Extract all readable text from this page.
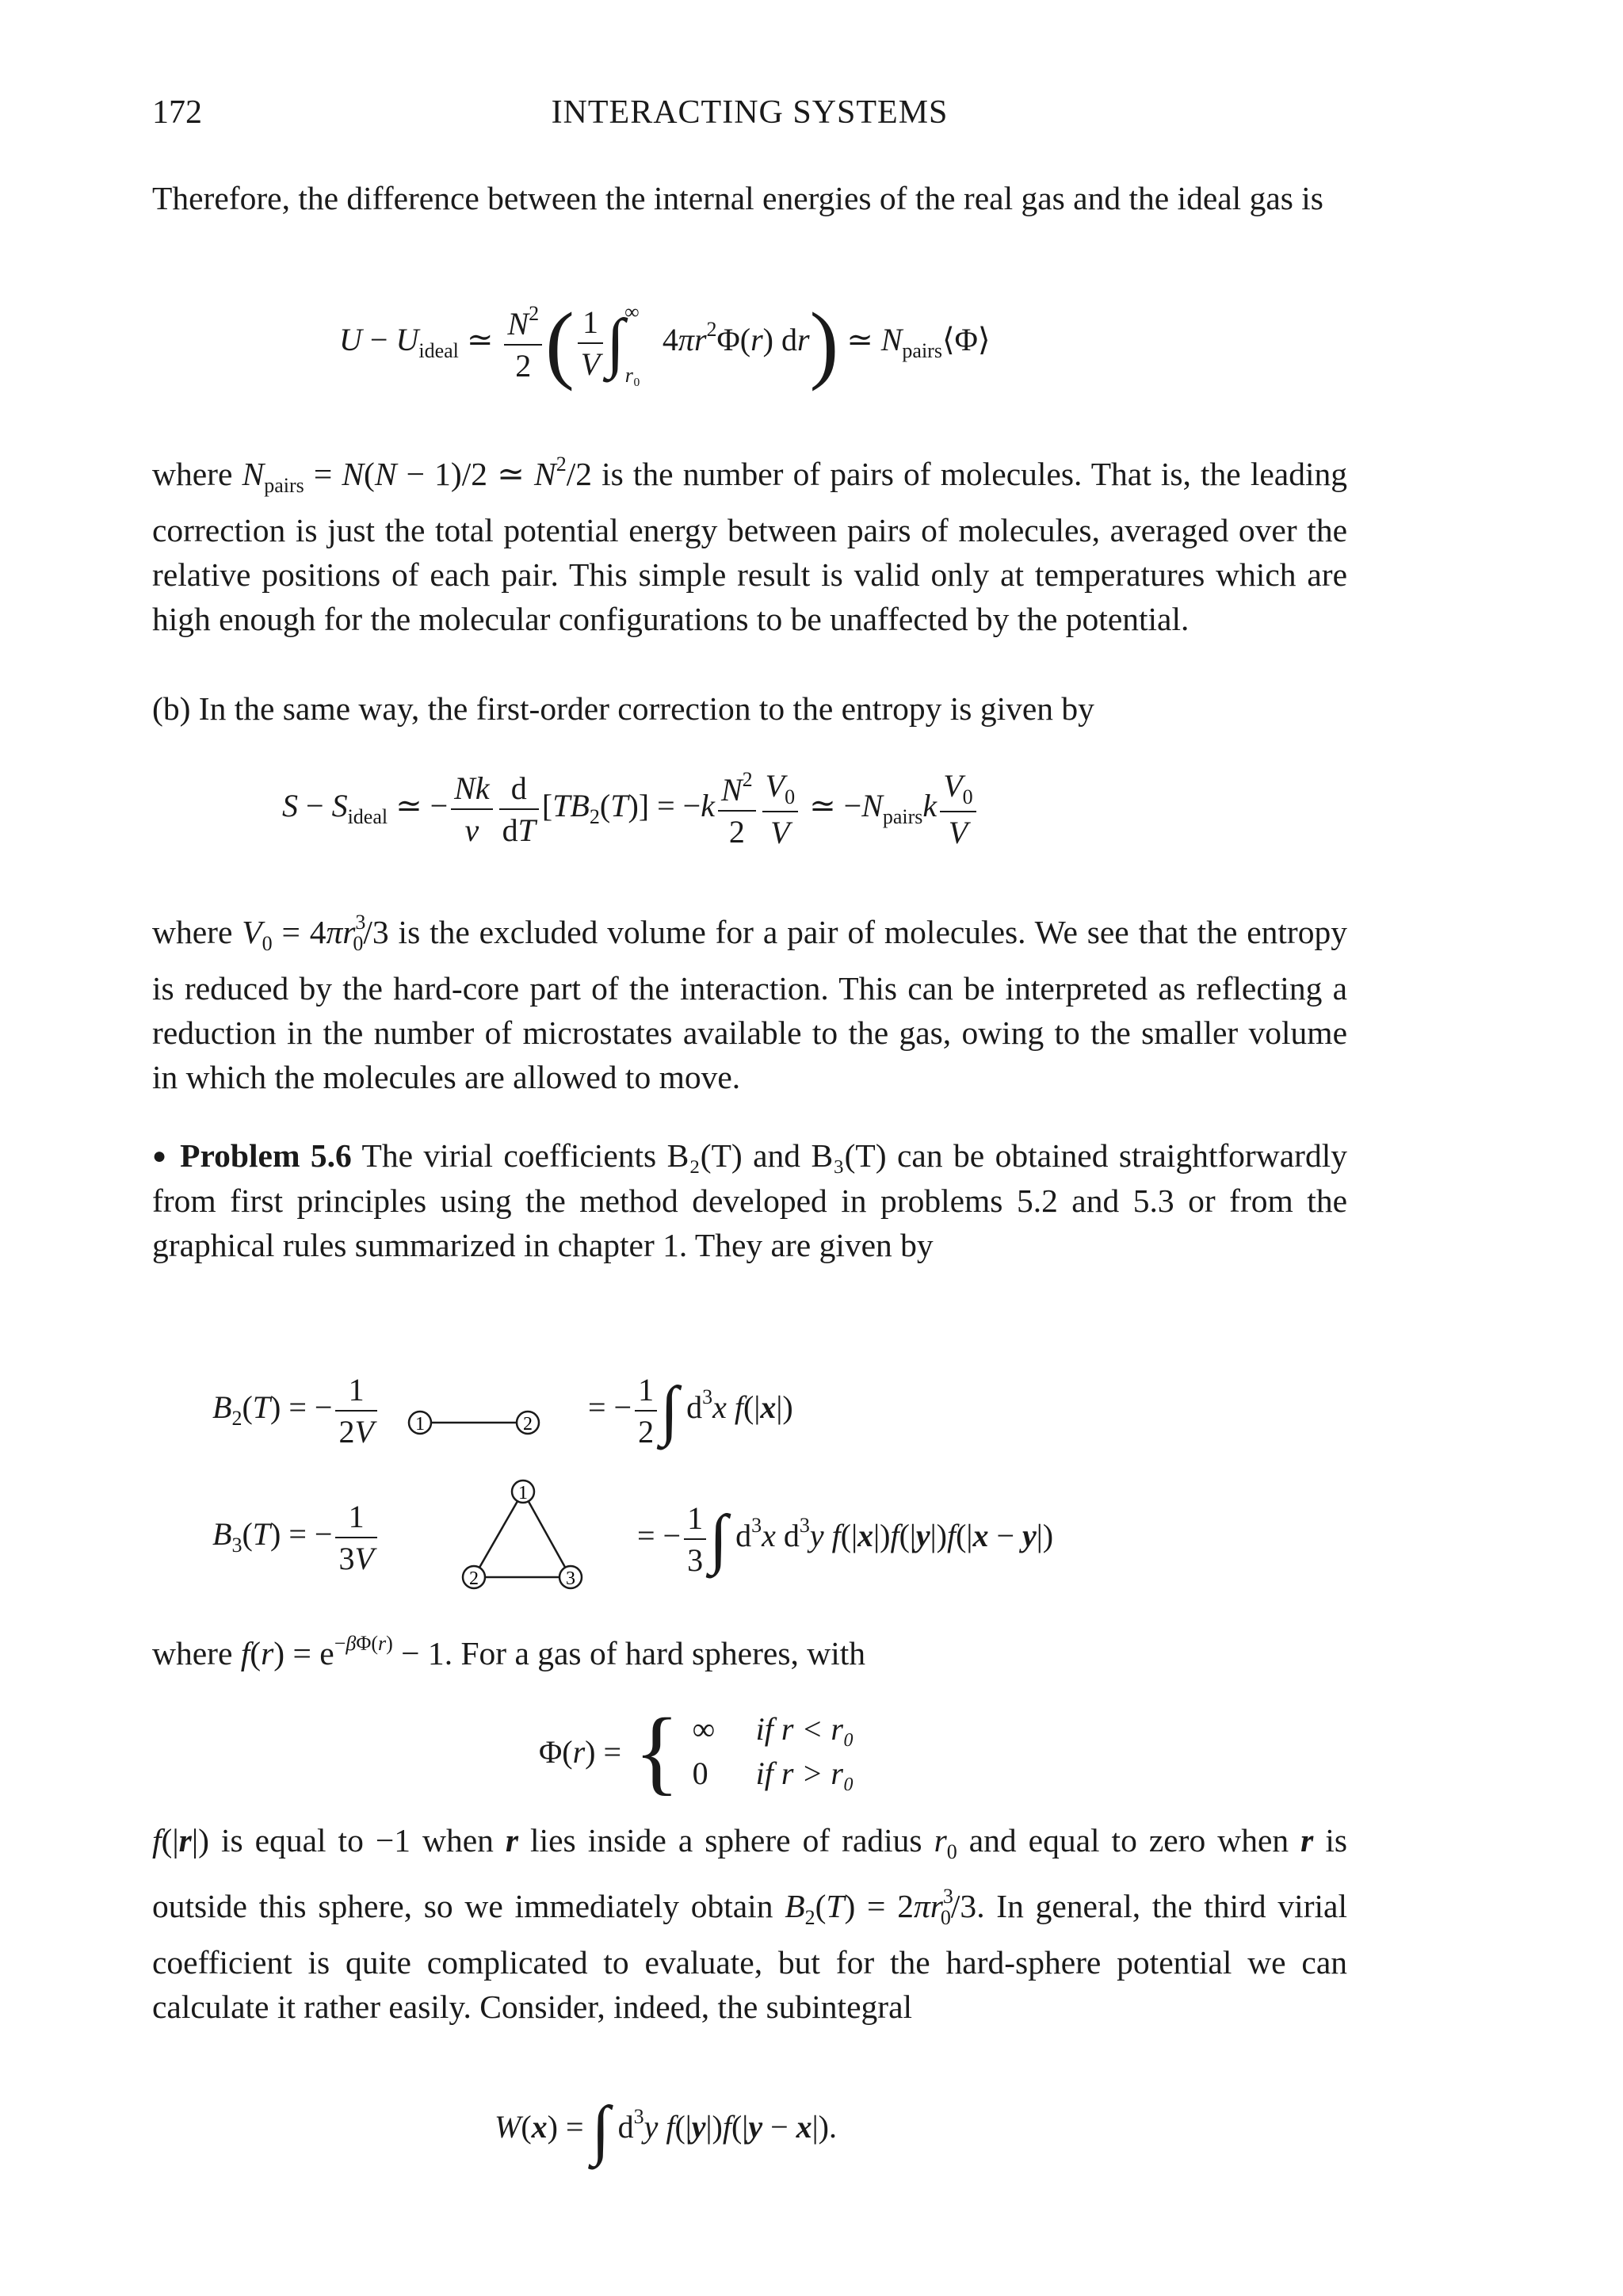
172	INTERACTING SYSTEMS

Therefore, the difference between the internal energies of the real gas and the ideal gas is

$U - U_{ideal}$ ≃ $\frac{N^2}{2}$ ( $\frac{1}{V} \int^\infty_{r_0}$ $4\pi r^2\Phi(r)$ dr) ≃ $N_{pairs}⟨\Phi⟩$

where $N_{pairs} = N(N - 1)/2$ ≃ $N^2/2$ is the number of pairs of molecules. That is, the leading correction is just the total potential energy between pairs of molecules, averaged over the relative positions of each pair. This simple result is valid only at temperatures which are high enough for the molecular configurations to be unaffected by the potential.

(b) In the same way, the first-order correction to the entropy is given by

$S - S_{ideal}$ ≃ − $\frac{Nk}{v} \frac{d}{dT} [TB_2(T)] = -k \frac{N^2}{2} \frac{V_0}{V}$ ≃ $-N_{pairs}k \frac{V_0}{V}$

where $V_0 = 4\pi r^3_0/3$ is the excluded volume for a pair of molecules. We see that the entropy is reduced by the hard-core part of the interaction. This can be interpreted as reflecting a reduction in the number of microstates available to the gas, owing to the smaller volume in which the molecules are allowed to move.

● Problem 5.6 The virial coefficients B₂(T) and B₃(T) can be obtained straightforwardly from first principles using the method developed in problems 5.2 and 5.3 or from the graphical rules summarized in chapter 1. They are given by

$B_2(T)$ = − $\frac{1}{2V} 1$	2 = − $\frac{1}{2}$ ∫ $d^3x$ f(|x|)
$B_3(T)$ = − $\frac{1}{3V}$
1
2	3
= − $\frac{1}{3}$ ∫ $d^3x$ $d^3y$ f(|x|)f(|y|)f(|x − y|)

where $f(r) = e^{-\beta\Phi(r)} - 1$. For a gas of hard spheres, with

Φ(r) = { ∞ if r < r₀
0 if r > r₀

f(|r|) is equal to −1 when r lies inside a sphere of radius $r_0$ and equal to zero when r is outside this sphere, so we immediately obtain $B_2(T) = 2\pi r^3_0/3$. In general, the third virial coefficient is quite complicated to evaluate, but for the hard-sphere potential we can calculate it rather easily. Consider, indeed, the subintegral

W(x) = ∫ $d^3y$ f(|y|)f(|y − x|).
